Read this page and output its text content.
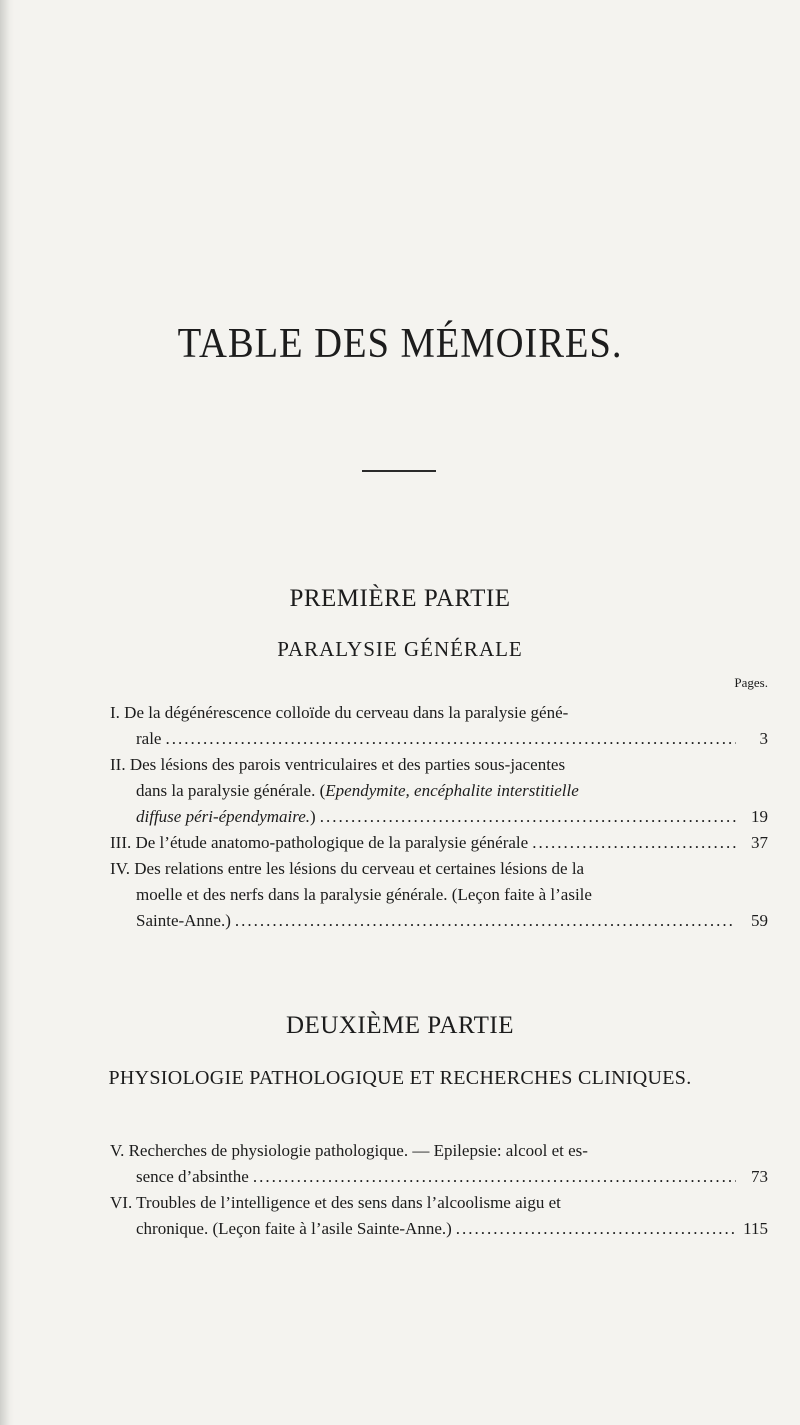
TABLE DES MÉMOIRES.
PREMIÈRE PARTIE
PARALYSIE GÉNÉRALE
Pages.
I. De la dégénérescence colloïde du cerveau dans la paralysie géné-
rale .....	3
II. Des lésions des parois ventriculaires et des parties sous-jacentes
dans la paralysie générale. ( Ependymite, encéphalite interstitielle
diffuse péri-épendymaire. ) .....	19
III. De l’étude anatomo-pathologique de la paralysie générale .....	37
IV. Des relations entre les lésions du cerveau et certaines lésions de la
moelle et des nerfs dans la paralysie générale. (Leçon faite à l’asile
Sainte-Anne.) .....	59
DEUXIÈME PARTIE
PHYSIOLOGIE PATHOLOGIQUE ET RECHERCHES CLINIQUES.
V. Recherches de physiologie pathologique. — Epilepsie: alcool et es-
sence d’absinthe .....	73
VI. Troubles de l’intelligence et des sens dans l’alcoolisme aigu et
chronique. (Leçon faite à l’asile Sainte-Anne.) .....	115
